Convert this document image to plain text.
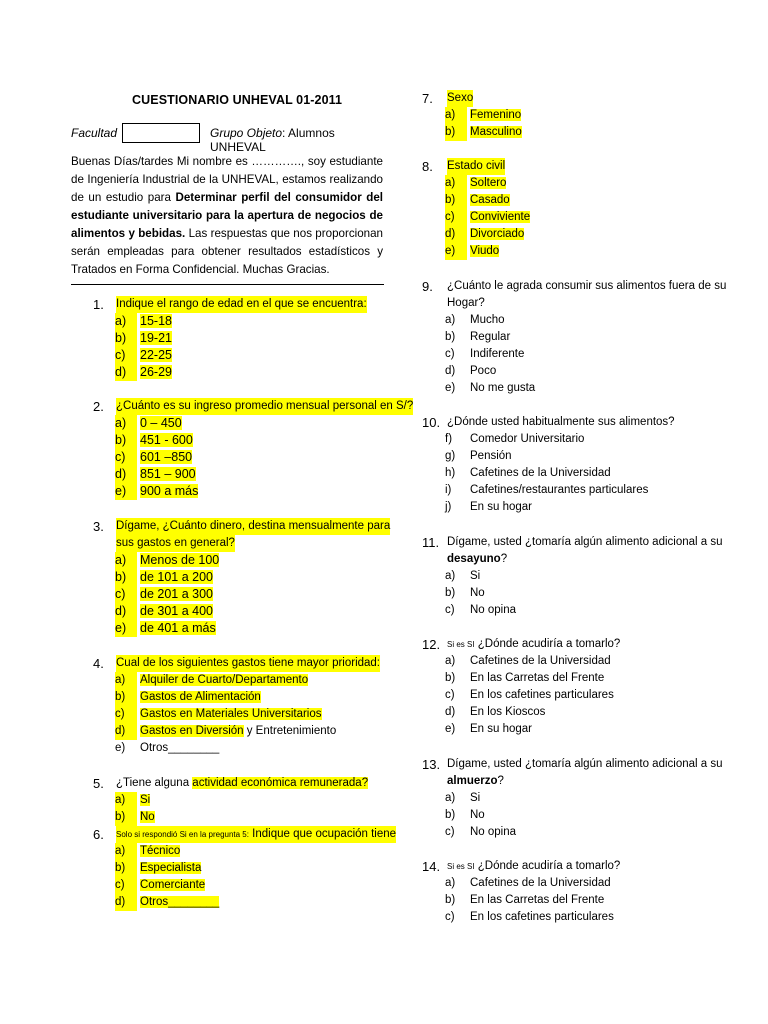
CUESTIONARIO UNHEVAL 01-2011
Facultad	Grupo Objeto: Alumnos UNHEVAL
Buenas Días/tardes Mi nombre es …………., soy estudiante de Ingeniería Industrial de la UNHEVAL, estamos realizando de un estudio para Determinar perfil del consumidor del estudiante universitario para la apertura de negocios de alimentos y bebidas. Las respuestas que nos proporcionan serán empleadas para obtener resultados estadísticos y Tratados en Forma Confidencial. Muchas Gracias.
1. Indique el rango de edad en el que se encuentra:
a)	15-18
b)	19-21
c)	22-25
d)	26-29
2. ¿Cuánto es su ingreso promedio mensual personal en S/?
a)	0 – 450
b)	451 - 600
c)	601 –850
d)	851 – 900
e)	900 a más
3. Dígame, ¿Cuánto dinero, destina mensualmente para
sus gastos en general?
a)	Menos de 100
b)	de 101 a 200
c)	de 201 a 300
d)	de 301 a 400
e)	de 401 a más
4. Cual de los siguientes gastos tiene mayor prioridad:
a)	Alquiler de Cuarto/Departamento
b)	Gastos de Alimentación
c)	Gastos en Materiales Universitarios
d)	Gastos en Diversión y Entretenimiento
e)	Otros________
5. ¿Tiene alguna actividad económica remunerada?
a)	Si
b)	No
6. Solo si respondió Si en la pregunta 5: Indique que ocupación tiene
a)	Técnico
b)	Especialista
c)	Comerciante
d)	Otros________
7. Sexo
a)	Femenino
b)	Masculino
8. Estado civil
a)	Soltero
b)	Casado
c)	Conviviente
d)	Divorciado
e)	Viudo
9. ¿Cuánto le agrada consumir sus alimentos fuera de su
Hogar?
a)	Mucho
b)	Regular
c)	Indiferente
d)	Poco
e)	No me gusta
10. ¿Dónde usted habitualmente sus alimentos?
f)	Comedor Universitario
g)	Pensión
h)	Cafetines de la Universidad
i)	Cafetines/restaurantes particulares
j)	En su hogar
11. Dígame, usted ¿tomaría algún alimento adicional a su
desayuno?
a)	Si
b)	No
c)	No opina
12. Si es SI ¿Dónde acudiría a tomarlo?
a)	Cafetines de la Universidad
b)	En las Carretas del Frente
c)	En los cafetines particulares
d)	En los Kioscos
e)	En su hogar
13. Dígame, usted ¿tomaría algún alimento adicional a su
almuerzo?
a)	Si
b)	No
c)	No opina
14. Si es SI ¿Dónde acudiría a tomarlo?
a)	Cafetines de la Universidad
b)	En las Carretas del Frente
c)	En los cafetines particulares
